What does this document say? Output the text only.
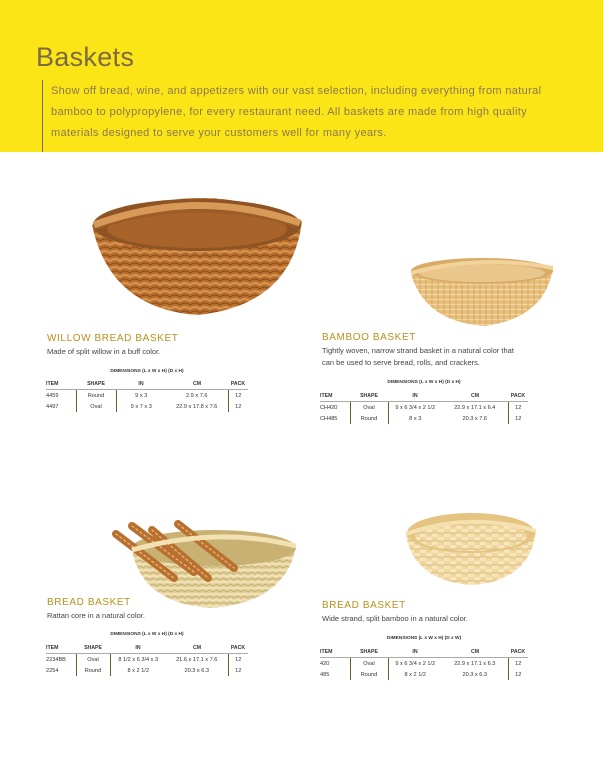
Baskets
Show off bread, wine, and appetizers with our vast selection, including everything from natural bamboo to polypropylene, for every restaurant need. All baskets are made from high quality materials designed to serve your customers well for many years.
WILLOW BREAD BASKET
Made of split willow in a buff color.
DIMENSIONS (L x W x H) (D x H)
ITEM	SHAPE	IN	CM	PACK
4459	Round	9 x 3	2.9 x 7.6	12
4497	Oval	9 x 7 x 3	22.9 x 17.8 x 7.6	12
BAMBOO BASKET
Tightly woven, narrow strand basket in a natural color that can be used to serve bread, rolls, and crackers.
DIMENSIONS (L x W x H) (D x H)
ITEM	SHAPE	IN	CM	PACK
CH420	Oval	9 x 6 3/4 x 2 1/2	22.9 x 17.1 x 6.4	12
CH485	Round	8 x 3	20.3 x 7.6	12
BREAD BASKET
Rattan core in a natural color.
DIMENSIONS (L x W x H) (D x H)
ITEM	SHAPE	IN	CM	PACK
2234BB	Oval	8 1/2 x 6 3/4 x 3	21.6 x 17.1 x 7.6	12
2254	Round	8 x 2 1/2	20.3 x 6.3	12
BREAD BASKET
Wide strand, split bamboo in a natural color.
DIMENSIONS (L x W x H) (D x W)
ITEM	SHAPE	IN	CM	PACK
420	Oval	9 x 6 3/4 x 2 1/2	22.9 x 17.1 x 6.3	12
485	Round	8 x 2 1/2	20.3 x 6.3	12
